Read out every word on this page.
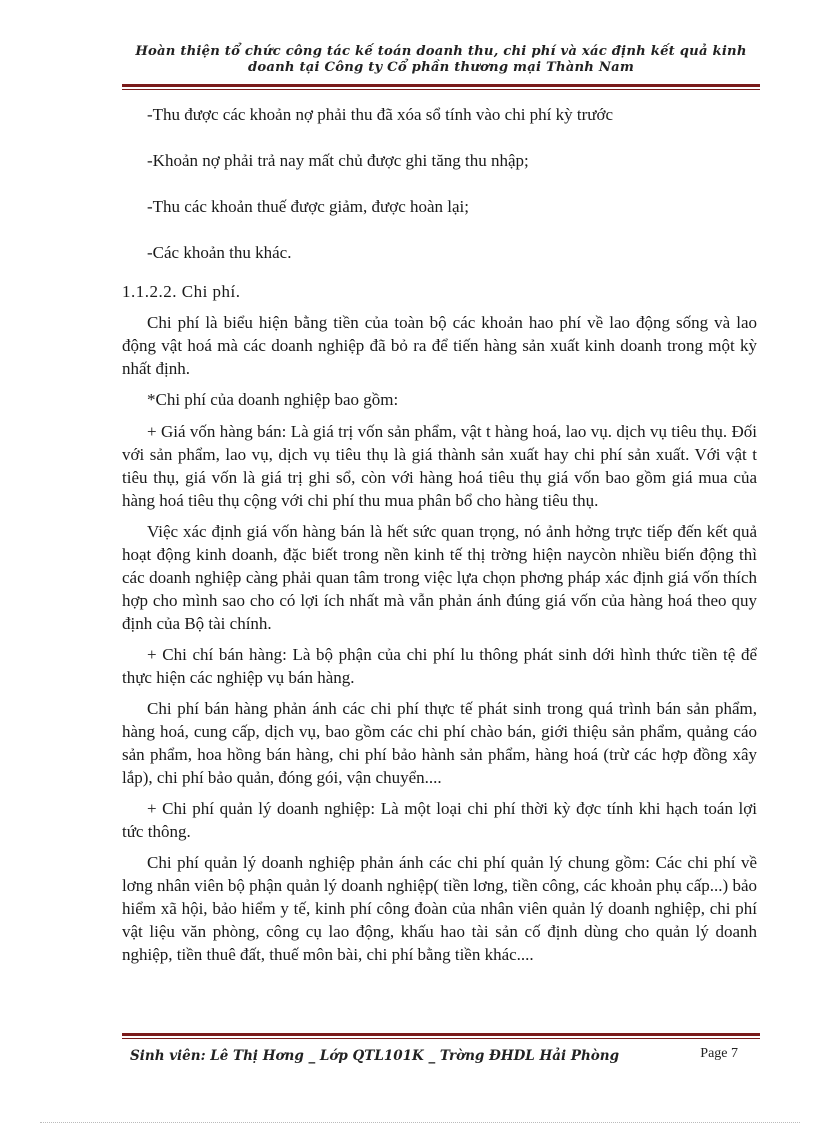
Hoàn thiện tổ chức công tác kế toán doanh thu, chi phí và xác định kết quả kinh
doanh tại Công ty Cổ phần thương mại Thành Nam

-Thu được các khoản nợ phải thu đã xóa sổ tính vào chi phí kỳ trước

-Khoản nợ phải trả nay mất chủ được ghi tăng thu nhập;

-Thu các khoản thuế được giảm, được hoàn lại;

-Các khoản thu khác.

1.1.2.2. Chi phí.

Chi phí là biểu hiện bằng tiền của toàn bộ các khoản hao phí về lao động sống và lao động vật hoá mà các doanh nghiệp đã bỏ ra để tiến hàng sản xuất kinh doanh trong một kỳ nhất định.

*Chi phí của doanh nghiệp bao gồm:

+ Giá vốn hàng bán: Là giá trị vốn sản phẩm, vật t hàng hoá, lao vụ. dịch vụ tiêu thụ. Đối với sản phẩm, lao vụ, dịch vụ tiêu thụ là giá thành sản xuất hay chi phí sản xuất. Với vật t tiêu thụ, giá vốn là giá trị ghi sổ, còn với hàng hoá tiêu thụ giá vốn bao gồm giá mua của hàng hoá tiêu thụ cộng với chi phí thu mua phân bổ cho hàng tiêu thụ.

Việc xác định giá vốn hàng bán là hết sức quan trọng, nó ảnh hởng trực tiếp đến kết quả hoạt động kinh doanh, đặc biết trong nền kinh tế thị trờng hiện naycòn nhiều biến động thì các doanh nghiệp càng phải quan tâm trong việc lựa chọn phơng pháp xác định giá vốn thích hợp cho mình sao cho có lợi ích nhất mà vẫn phản ánh đúng giá vốn của hàng hoá theo quy định của Bộ tài chính.

+ Chi chí bán hàng: Là bộ phận của chi phí lu thông phát sinh dới hình thức tiền tệ để thực hiện các nghiệp vụ bán hàng.

Chi phí bán hàng phản ánh các chi phí thực tế phát sinh trong quá trình bán sản phẩm, hàng hoá, cung cấp, dịch vụ, bao gồm các chi phí chào bán, giới thiệu sản phẩm, quảng cáo sản phẩm, hoa hồng bán hàng, chi phí bảo hành sản phẩm, hàng hoá (trừ các hợp đồng xây lắp), chi phí bảo quản, đóng gói, vận chuyển....

+ Chi phí quản lý doanh nghiệp: Là một loại chi phí thời kỳ đợc tính khi hạch toán lợi tức thông.

Chi phí quản lý doanh nghiệp phản ánh các chi phí quản lý chung gồm: Các chi phí về lơng nhân viên bộ phận quản lý doanh nghiệp( tiền lơng, tiền công, các khoản phụ cấp...) bảo hiểm xã hội, bảo hiểm y tế, kinh phí công đoàn của nhân viên quản lý doanh nghiệp, chi phí vật liệu văn phòng, công cụ lao động, khấu hao tài sản cố định dùng cho quản lý doanh nghiệp, tiền thuê đất, thuế môn bài, chi phí bằng tiền khác....

Sinh viên: Lê Thị Hơng _ Lớp QTL101K _ Trờng ĐHDL Hải Phòng	Page 7
